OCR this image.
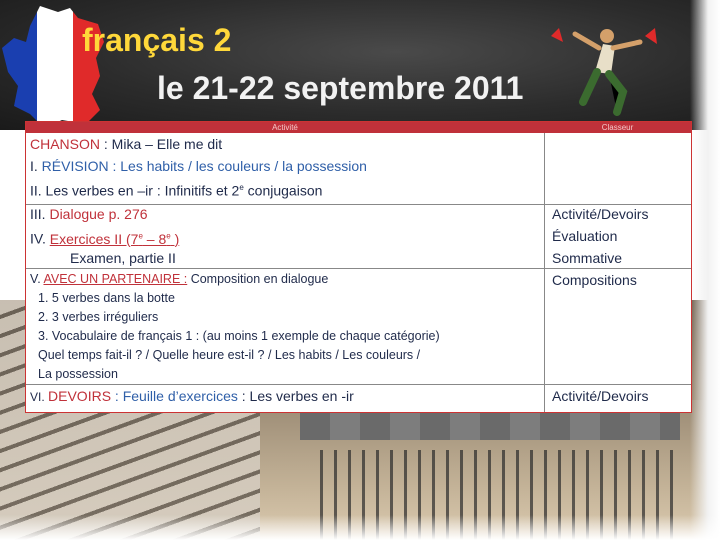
français 2
le 21-22 septembre 2011
Activité	Classeur
CHANSON : Mika – Elle me dit
I. RÉVISION : Les habits / les couleurs / la possession
II. Les verbes en –ir : Infinitifs et 2e conjugaison
III. Dialogue p. 276
IV. Exercices II (7e – 8e )
Examen, partie II
V. AVEC UN PARTENAIRE : Composition en dialogue
1. 5 verbes dans la botte
2. 3 verbes irréguliers
3. Vocabulaire de français 1 : (au moins 1 exemple de chaque catégorie)
Quel temps fait-il ? / Quelle heure est-il ? / Les habits / Les couleurs /
La possession
VI. DEVOIRS : Feuille d’exercices : Les verbes en -ir
Activité/Devoirs
Évaluation
Sommative
Compositions
Activité/Devoirs
